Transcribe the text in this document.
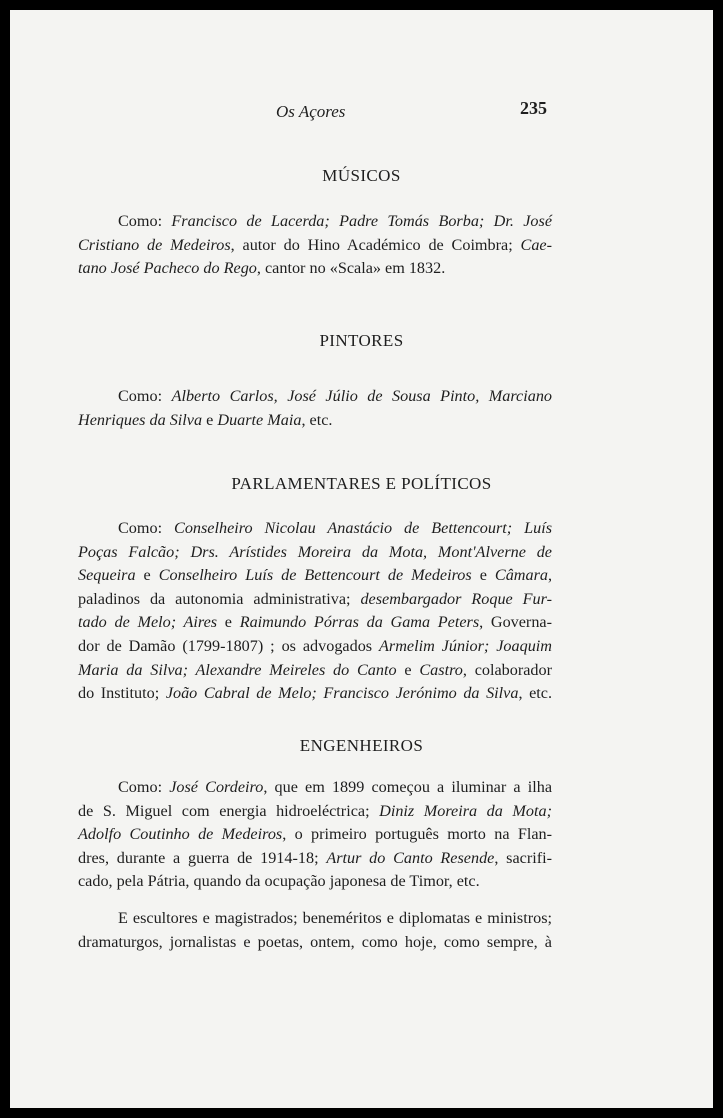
Os Açores	235
MÚSICOS

Como: Francisco de Lacerda; Padre Tomás Borba; Dr. José
Cristiano de Medeiros, autor do Hino Académico de Coimbra; Cae-
tano José Pacheco do Rego, cantor no «Scala» em 1832.

PINTORES

Como: Alberto Carlos, José Júlio de Sousa Pinto, Marciano
Henriques da Silva e Duarte Maia, etc.

PARLAMENTARES E POLÍTICOS

Como: Conselheiro Nicolau Anastácio de Bettencourt; Luís
Poças Falcão; Drs. Arístides Moreira da Mota, Mont'Alverne de
Sequeira e Conselheiro Luís de Bettencourt de Medeiros e Câmara,
paladinos da autonomia administrativa; desembargador Roque Fur-
tado de Melo; Aires e Raimundo Pórras da Gama Peters, Governa-
dor de Damão (1799-1807) ; os advogados Armelim Júnior; Joaquim
Maria da Silva; Alexandre Meireles do Canto e Castro, colaborador
do Instituto; João Cabral de Melo; Francisco Jerónimo da Silva, etc.

ENGENHEIROS

Como: José Cordeiro, que em 1899 começou a iluminar a ilha
de S. Miguel com energia hidroeléctrica; Diniz Moreira da Mota;
Adolfo Coutinho de Medeiros, o primeiro português morto na Flan-
dres, durante a guerra de 1914-18; Artur do Canto Resende, sacrifi-
cado, pela Pátria, quando da ocupação japonesa de Timor, etc.

E escultores e magistrados; beneméritos e diplomatas e ministros;
dramaturgos, jornalistas e poetas, ontem, como hoje, como sempre, à
